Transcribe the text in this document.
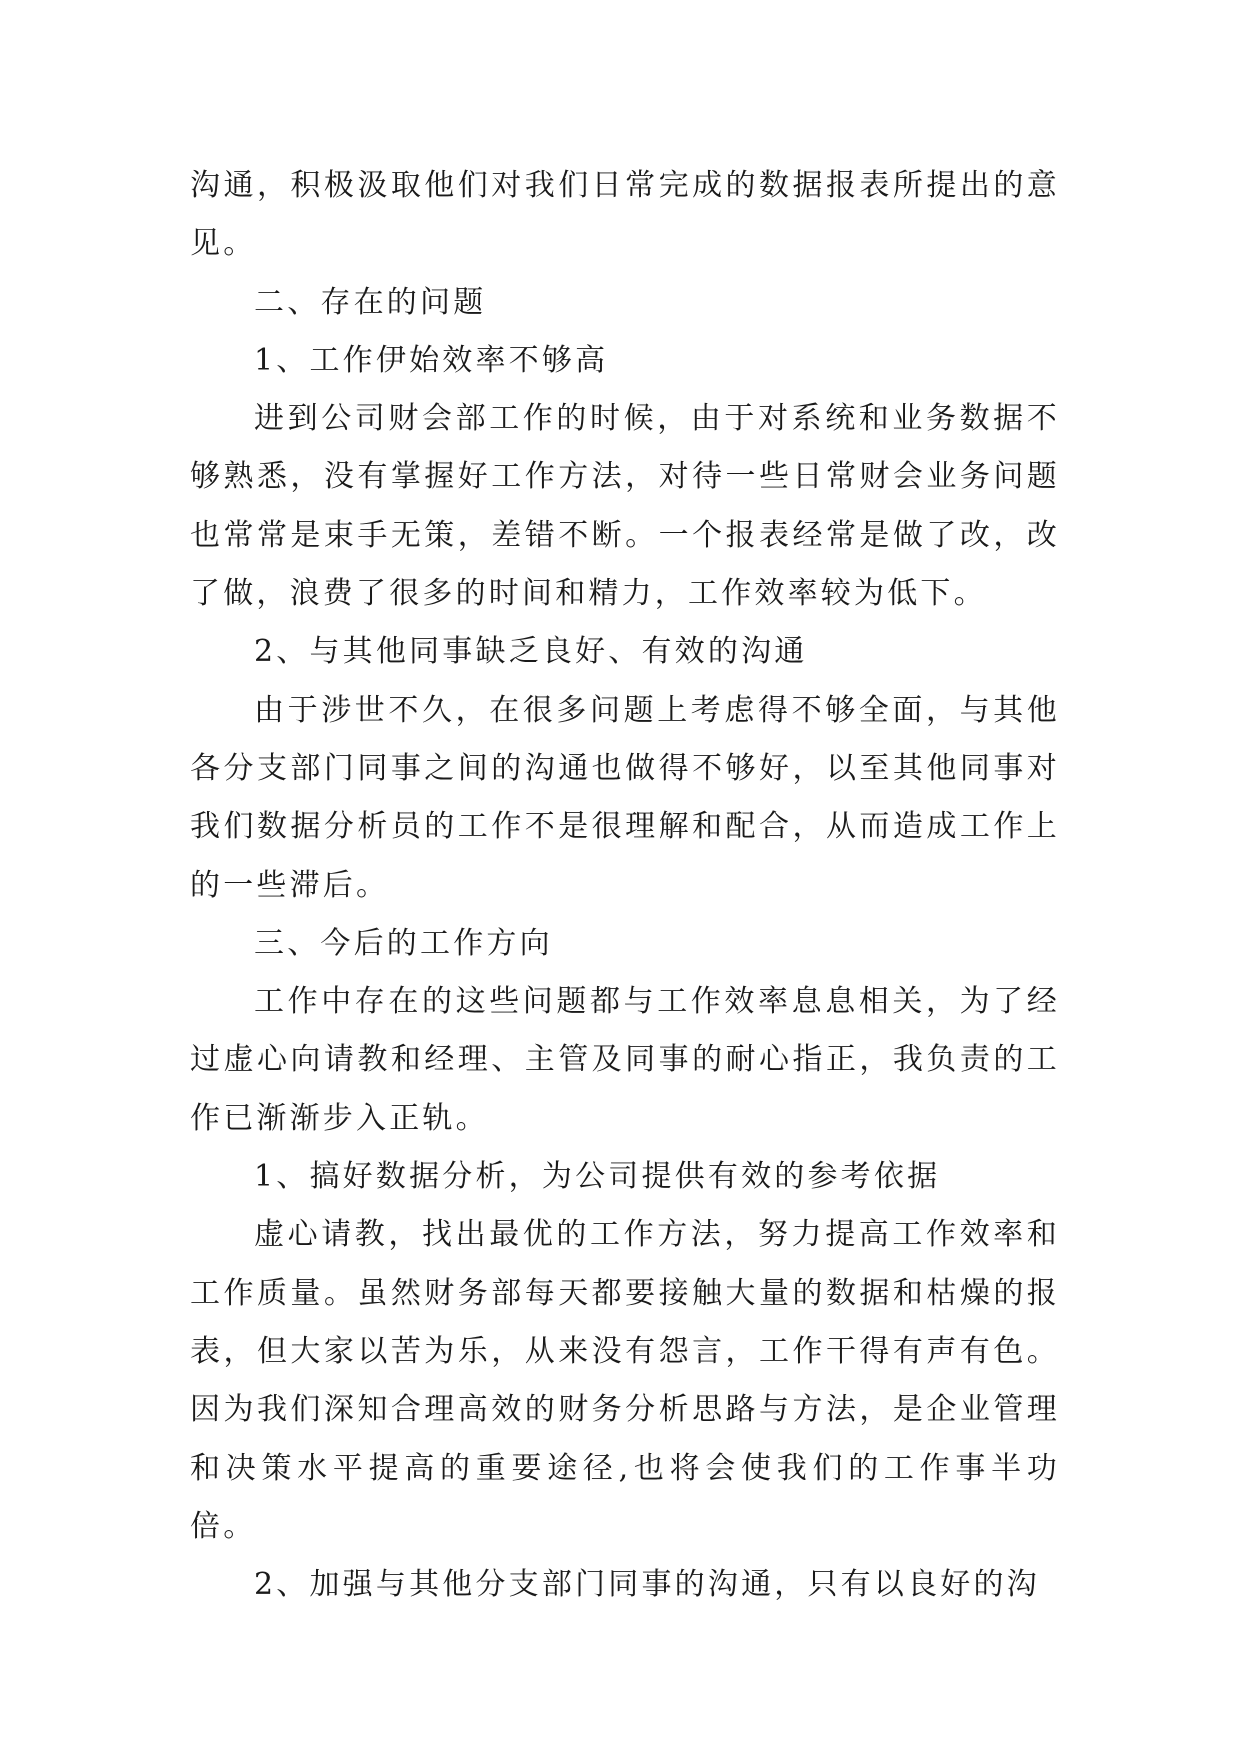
沟通，积极汲取他们对我们日常完成的数据报表所提出的意见。

二、存在的问题

1、工作伊始效率不够高

进到公司财会部工作的时候，由于对系统和业务数据不够熟悉，没有掌握好工作方法，对待一些日常财会业务问题也常常是束手无策，差错不断。一个报表经常是做了改，改了做，浪费了很多的时间和精力，工作效率较为低下。

2、与其他同事缺乏良好、有效的沟通

由于涉世不久，在很多问题上考虑得不够全面，与其他各分支部门同事之间的沟通也做得不够好，以至其他同事对我们数据分析员的工作不是很理解和配合，从而造成工作上的一些滞后。

三、今后的工作方向

工作中存在的这些问题都与工作效率息息相关，为了经过虚心向请教和经理、主管及同事的耐心指正，我负责的工作已渐渐步入正轨。

1、搞好数据分析，为公司提供有效的参考依据

虚心请教，找出最优的工作方法，努力提高工作效率和工作质量。虽然财务部每天都要接触大量的数据和枯燥的报表，但大家以苦为乐，从来没有怨言，工作干得有声有色。因为我们深知合理高效的财务分析思路与方法，是企业管理和决策水平提高的重要途径,也将会使我们的工作事半功倍。

2、加强与其他分支部门同事的沟通，只有以良好的沟
